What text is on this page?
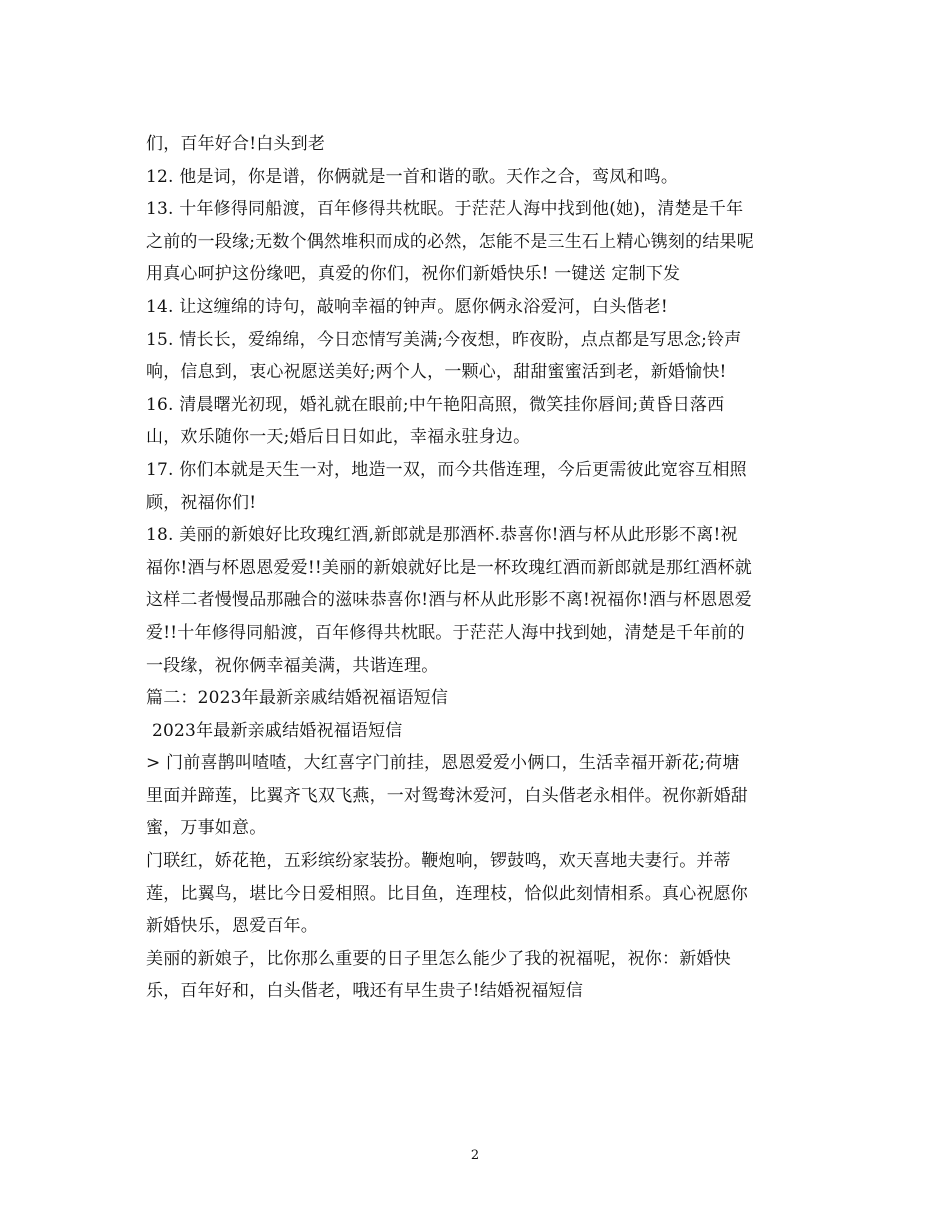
们，百年好合!白头到老
12. 他是词，你是谱，你俩就是一首和谐的歌。天作之合，鸾凤和鸣。
13. 十年修得同船渡，百年修得共枕眠。于茫茫人海中找到他(她)，清楚是千年
之前的一段缘;无数个偶然堆积而成的必然，怎能不是三生石上精心镌刻的结果呢
用真心呵护这份缘吧，真爱的你们，祝你们新婚快乐! 一键送 定制下发
14. 让这缠绵的诗句，敲响幸福的钟声。愿你俩永浴爱河，白头偕老!
15. 情长长，爱绵绵，今日恋情写美满;今夜想，昨夜盼，点点都是写思念;铃声
响，信息到，衷心祝愿送美好;两个人，一颗心，甜甜蜜蜜活到老，新婚愉快!
16. 清晨曙光初现，婚礼就在眼前;中午艳阳高照，微笑挂你唇间;黄昏日落西
山，欢乐随你一天;婚后日日如此，幸福永驻身边。
17. 你们本就是天生一对，地造一双，而今共偕连理，今后更需彼此宽容互相照
顾，祝福你们!
18. 美丽的新娘好比玫瑰红酒,新郎就是那酒杯.恭喜你!酒与杯从此形影不离!祝
福你!酒与杯恩恩爱爱!!美丽的新娘就好比是一杯玫瑰红酒而新郎就是那红酒杯就
这样二者慢慢品那融合的滋味恭喜你!酒与杯从此形影不离!祝福你!酒与杯恩恩爱
爱!!十年修得同船渡，百年修得共枕眠。于茫茫人海中找到她，清楚是千年前的
一段缘，祝你俩幸福美满，共谐连理。
篇二：2023年最新亲戚结婚祝福语短信
2023年最新亲戚结婚祝福语短信
> 门前喜鹊叫喳喳，大红喜字门前挂，恩恩爱爱小俩口，生活幸福开新花;荷塘
里面并蹄莲，比翼齐飞双飞燕，一对鸳鸯沐爱河，白头偕老永相伴。祝你新婚甜
蜜，万事如意。
门联红，娇花艳，五彩缤纷家装扮。鞭炮响，锣鼓鸣，欢天喜地夫妻行。并蒂
莲，比翼鸟，堪比今日爱相照。比目鱼，连理枝，恰似此刻情相系。真心祝愿你
新婚快乐，恩爱百年。
美丽的新娘子，比你那么重要的日子里怎么能少了我的祝福呢，祝你：新婚快
乐，百年好和，白头偕老，哦还有早生贵子!结婚祝福短信
2
